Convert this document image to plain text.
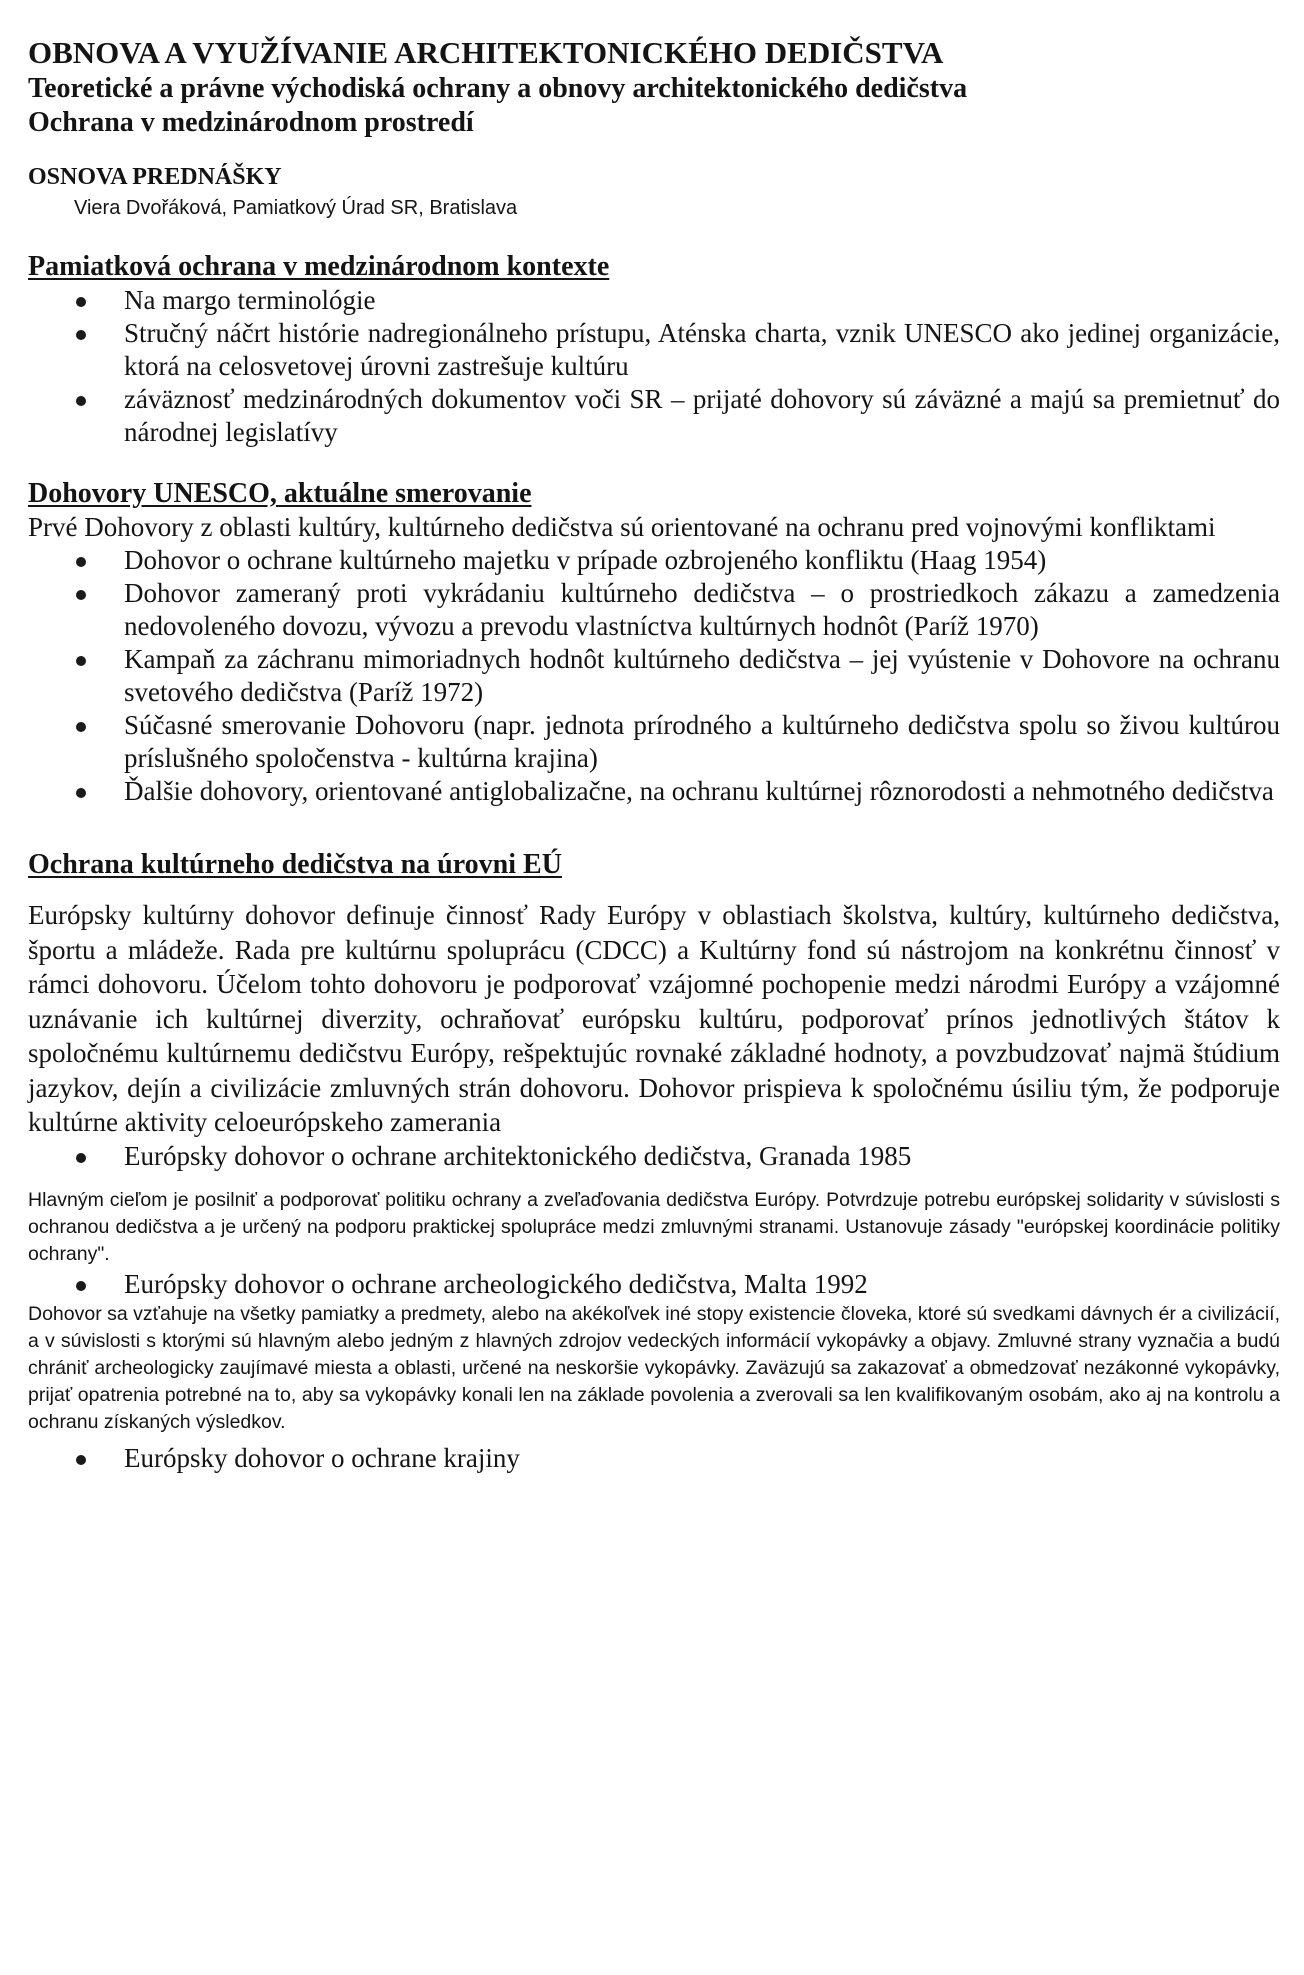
OBNOVA A VYUŽÍVANIE ARCHITEKTONICKÉHO DEDIČSTVA
Teoretické a právne východiská ochrany a obnovy architektonického dedičstva
Ochrana v medzinárodnom prostredí
OSNOVA PREDNÁŠKY
Viera Dvořáková, Pamiatkový Úrad SR, Bratislava
Pamiatková ochrana v medzinárodnom kontexte
Na margo terminológie
Stručný náčrt histórie nadregionálneho prístupu, Aténska charta, vznik UNESCO ako jedinej organizácie, ktorá na celosvetovej úrovni zastrešuje kultúru
záväznosť medzinárodných dokumentov voči SR – prijaté dohovory sú záväzné a majú sa premietnuť do národnej legislatívy
Dohovory UNESCO, aktuálne smerovanie

Prvé Dohovory z oblasti kultúry, kultúrneho dedičstva sú orientované na ochranu pred vojnovými konfliktami

Dohovor o ochrane kultúrneho majetku v prípade ozbrojeného konfliktu (Haag 1954)
Dohovor zameraný proti vykrádaniu kultúrneho dedičstva – o prostriedkoch zákazu a zamedzenia nedovoleného dovozu, vývozu a prevodu vlastníctva kultúrnych hodnôt (Paríž 1970)
Kampaň za záchranu mimoriadnych hodnôt kultúrneho dedičstva – jej vyústenie v Dohovore na ochranu svetového dedičstva (Paríž 1972)
Súčasné smerovanie Dohovoru (napr. jednota prírodného a kultúrneho dedičstva spolu so živou kultúrou príslušného spoločenstva - kultúrna krajina)
Ďalšie dohovory, orientované antiglobalizačne, na ochranu kultúrnej rôznorodosti a nehmotného dedičstva
Ochrana kultúrneho dedičstva na úrovni EÚ

Európsky kultúrny dohovor definuje činnosť Rady Európy v oblastiach školstva, kultúry, kultúrneho dedičstva, športu a mládeže. Rada pre kultúrnu spoluprácu (CDCC) a Kultúrny fond sú nástrojom na konkrétnu činnosť v rámci dohovoru. Účelom tohto dohovoru je podporovať vzájomné pochopenie medzi národmi Európy a vzájomné uznávanie ich kultúrnej diverzity, ochraňovať európsku kultúru, podporovať prínos jednotlivých štátov k spoločnému kultúrnemu dedičstvu Európy, rešpektujúc rovnaké základné hodnoty, a povzbudzovať najmä štúdium jazykov, dejín a civilizácie zmluvných strán dohovoru. Dohovor prispieva k spoločnému úsiliu tým, že podporuje kultúrne aktivity celoeurópskeho zamerania

Európsky dohovor o ochrane architektonického dedičstva, Granada 1985

Hlavným cieľom je posilniť a podporovať politiku ochrany a zveľaďovania dedičstva Európy. Potvrdzuje potrebu európskej solidarity v súvislosti s ochranou dedičstva a je určený na podporu praktickej spolupráce medzi zmluvnými stranami. Ustanovuje zásady "európskej koordinácie politiky ochrany".

Európsky dohovor o ochrane archeologického dedičstva, Malta 1992

Dohovor sa vzťahuje na všetky pamiatky a predmety, alebo na akékoľvek iné stopy existencie človeka, ktoré sú svedkami dávnych ér a civilizácií, a v súvislosti s ktorými sú hlavným alebo jedným z hlavných zdrojov vedeckých informácií vykopávky a objavy. Zmluvné strany vyznačia a budú chrániť archeologicky zaujímavé miesta a oblasti, určené na neskoršie vykopávky. Zaväzujú sa zakazovať a obmedzovať nezákonné vykopávky, prijať opatrenia potrebné na to, aby sa vykopávky konali len na základe povolenia a zverovali sa len kvalifikovaným osobám, ako aj na kontrolu a ochranu získaných výsledkov.

Európsky dohovor o ochrane krajiny
